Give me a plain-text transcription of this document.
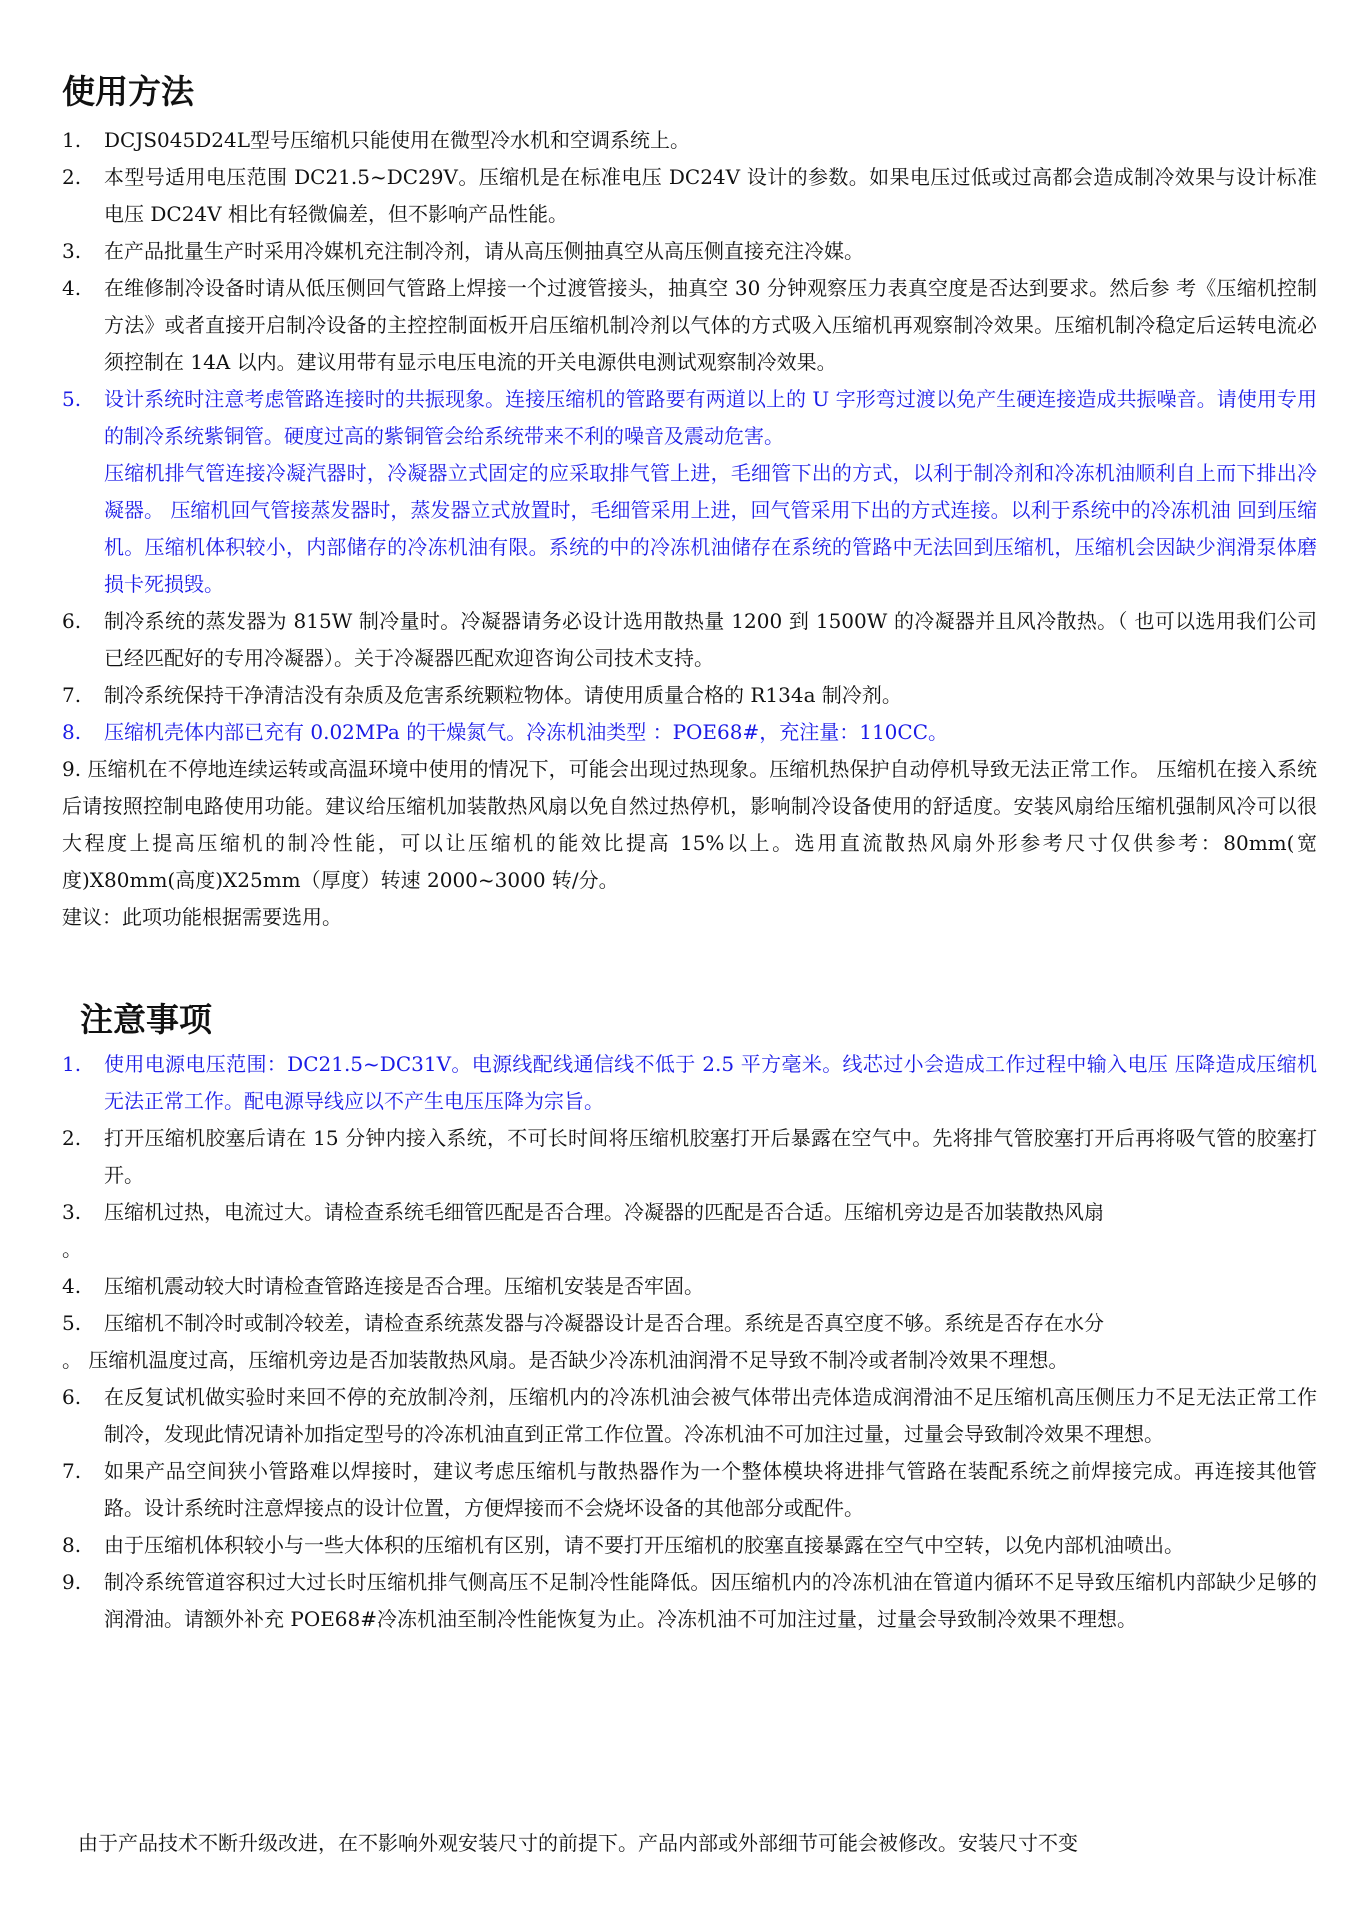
使用方法
1.	DCJS045D24L型号压缩机只能使用在微型冷水机和空调系统上。

2.	本型号适用电压范围 DC21.5~DC29V。压缩机是在标准电压 DC24V 设计的参数。如果电压过低或过高都会造成制冷效果与设计标准电压 DC24V 相比有轻微偏差，但不影响产品性能。

3.	在产品批量生产时采用冷媒机充注制冷剂，请从高压侧抽真空从高压侧直接充注冷媒。

4.	在维修制冷设备时请从低压侧回气管路上焊接一个过渡管接头，抽真空 30 分钟观察压力表真空度是否达到要求。然后参 考《压缩机控制方法》或者直接开启制冷设备的主控控制面板开启压缩机制冷剂以气体的方式吸入压缩机再观察制冷效果。压缩机制冷稳定后运转电流必须控制在 14A 以内。建议用带有显示电压电流的开关电源供电测试观察制冷效果。

5.	设计系统时注意考虑管路连接时的共振现象。连接压缩机的管路要有两道以上的 U 字形弯过渡以免产生硬连接造成共振噪音。请使用专用的制冷系统紫铜管。硬度过高的紫铜管会给系统带来不利的噪音及震动危害。

压缩机排气管连接冷凝汽器时，冷凝器立式固定的应采取排气管上进，毛细管下出的方式，以利于制冷剂和冷冻机油顺利自上而下排出冷凝器。 压缩机回气管接蒸发器时，蒸发器立式放置时，毛细管采用上进，回气管采用下出的方式连接。以利于系统中的冷冻机油 回到压缩机。压缩机体积较小，内部储存的冷冻机油有限。系统的中的冷冻机油储存在系统的管路中无法回到压缩机，压缩机会因缺少润滑泵体磨损卡死损毁。

6.	制冷系统的蒸发器为 815W 制冷量时。冷凝器请务必设计选用散热量 1200 到 1500W 的冷凝器并且风冷散热。（ 也可以选用我们公司已经匹配好的专用冷凝器）。关于冷凝器匹配欢迎咨询公司技术支持。

7.	制冷系统保持干净清洁没有杂质及危害系统颗粒物体。请使用质量合格的 R134a 制冷剂。

8.	压缩机壳体内部已充有 0.02MPa 的干燥氮气。冷冻机油类型 ：POE68#，充注量：110CC。

9. 压缩机在不停地连续运转或高温环境中使用的情况下，可能会出现过热现象。压缩机热保护自动停机导致无法正常工作。 压缩机在接入系统后请按照控制电路使用功能。建议给压缩机加装散热风扇以免自然过热停机，影响制冷设备使用的舒适度。安装风扇给压缩机强制风冷可以很大程度上提高压缩机的制冷性能，可以让压缩机的能效比提高 15%以上。选用直流散热风扇外形参考尺寸仅供参考：80mm(宽度)X80mm(高度)X25mm（厚度）转速 2000~3000 转/分。

建议：此项功能根据需要选用。

注意事项
1.	使用电源电压范围：DC21.5~DC31V。电源线配线通信线不低于 2.5 平方毫米。线芯过小会造成工作过程中输入电压 压降造成压缩机无法正常工作。配电源导线应以不产生电压压降为宗旨。

2.	打开压缩机胶塞后请在 15 分钟内接入系统，不可长时间将压缩机胶塞打开后暴露在空气中。先将排气管胶塞打开后再将吸气管的胶塞打开。

3.	压缩机过热，电流过大。请检查系统毛细管匹配是否合理。冷凝器的匹配是否合适。压缩机旁边是否加装散热风扇

。
4.	压缩机震动较大时请检查管路连接是否合理。压缩机安装是否牢固。

5.	压缩机不制冷时或制冷较差，请检查系统蒸发器与冷凝器设计是否合理。系统是否真空度不够。系统是否存在水分

。 压缩机温度过高，压缩机旁边是否加装散热风扇。是否缺少冷冻机油润滑不足导致不制冷或者制冷效果不理想。
6.	在反复试机做实验时来回不停的充放制冷剂，压缩机内的冷冻机油会被气体带出壳体造成润滑油不足压缩机高压侧压力不足无法正常工作制冷，发现此情况请补加指定型号的冷冻机油直到正常工作位置。冷冻机油不可加注过量，过量会导致制冷效果不理想。

7.	如果产品空间狭小管路难以焊接时，建议考虑压缩机与散热器作为一个整体模块将进排气管路在装配系统之前焊接完成。再连接其他管路。设计系统时注意焊接点的设计位置，方便焊接而不会烧坏设备的其他部分或配件。

8.	由于压缩机体积较小与一些大体积的压缩机有区别，请不要打开压缩机的胶塞直接暴露在空气中空转，以免内部机油喷出。

9.	制冷系统管道容积过大过长时压缩机排气侧高压不足制冷性能降低。因压缩机内的冷冻机油在管道内循环不足导致压缩机内部缺少足够的润滑油。请额外补充 POE68#冷冻机油至制冷性能恢复为止。冷冻机油不可加注过量，过量会导致制冷效果不理想。

由于产品技术不断升级改进，在不影响外观安装尺寸的前提下。产品内部或外部细节可能会被修改。安装尺寸不变
